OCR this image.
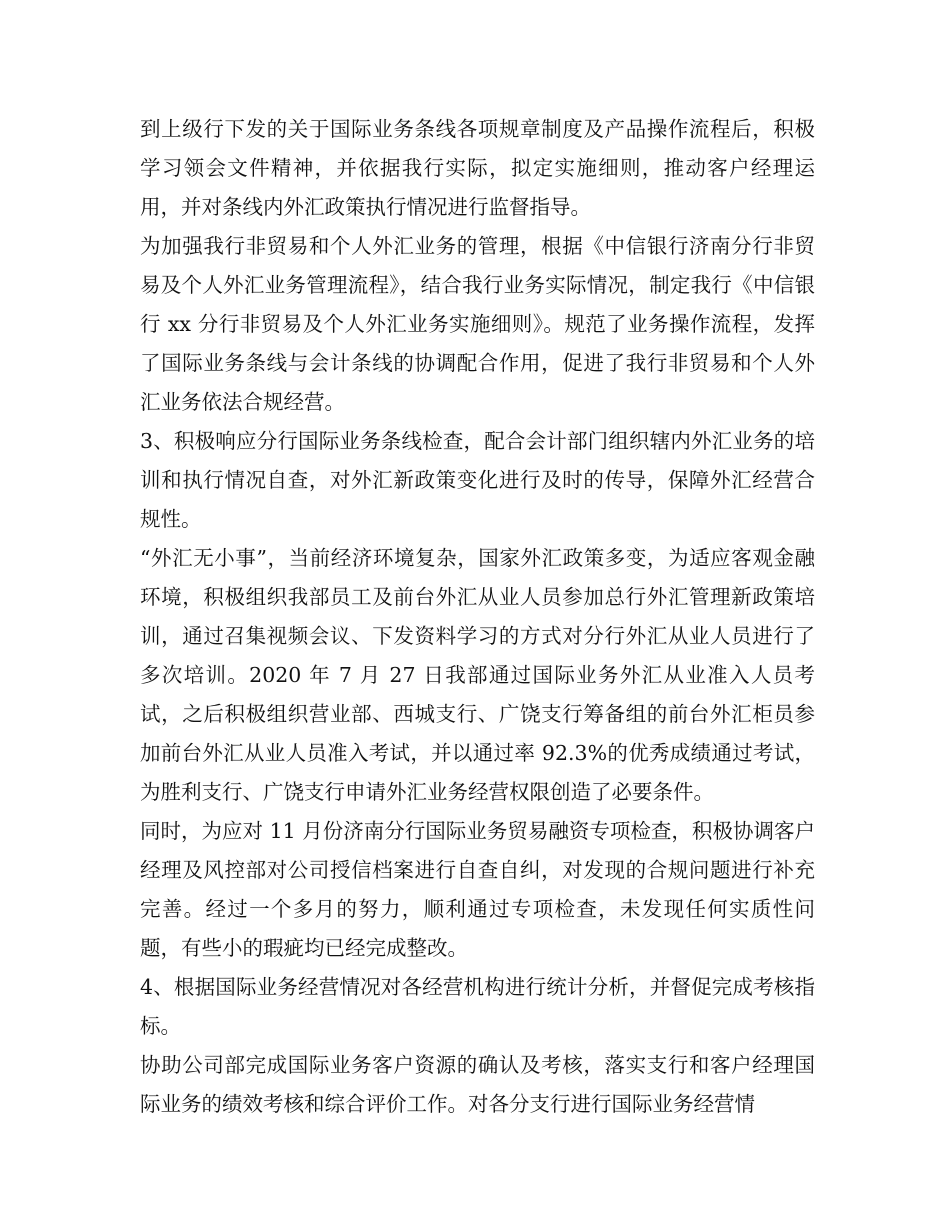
到上级行下发的关于国际业务条线各项规章制度及产品操作流程后，积极学习领会文件精神，并依据我行实际，拟定实施细则，推动客户经理运用，并对条线内外汇政策执行情况进行监督指导。

为加强我行非贸易和个人外汇业务的管理，根据《中信银行济南分行非贸易及个人外汇业务管理流程》，结合我行业务实际情况，制定我行《中信银行 xx 分行非贸易及个人外汇业务实施细则》。规范了业务操作流程，发挥了国际业务条线与会计条线的协调配合作用，促进了我行非贸易和个人外汇业务依法合规经营。

3、积极响应分行国际业务条线检查，配合会计部门组织辖内外汇业务的培训和执行情况自查，对外汇新政策变化进行及时的传导，保障外汇经营合规性。

“外汇无小事”，当前经济环境复杂，国家外汇政策多变，为适应客观金融环境，积极组织我部员工及前台外汇从业人员参加总行外汇管理新政策培训，通过召集视频会议、下发资料学习的方式对分行外汇从业人员进行了多次培训。2020 年 7 月 27 日我部通过国际业务外汇从业准入人员考试，之后积极组织营业部、西城支行、广饶支行筹备组的前台外汇柜员参加前台外汇从业人员准入考试，并以通过率 92.3%的优秀成绩通过考试，为胜利支行、广饶支行申请外汇业务经营权限创造了必要条件。

同时，为应对 11 月份济南分行国际业务贸易融资专项检查，积极协调客户经理及风控部对公司授信档案进行自查自纠，对发现的合规问题进行补充完善。经过一个多月的努力，顺利通过专项检查，未发现任何实质性问题，有些小的瑕疵均已经完成整改。

4、根据国际业务经营情况对各经营机构进行统计分析，并督促完成考核指标。

协助公司部完成国际业务客户资源的确认及考核，落实支行和客户经理国际业务的绩效考核和综合评价工作。对各分支行进行国际业务经营情
